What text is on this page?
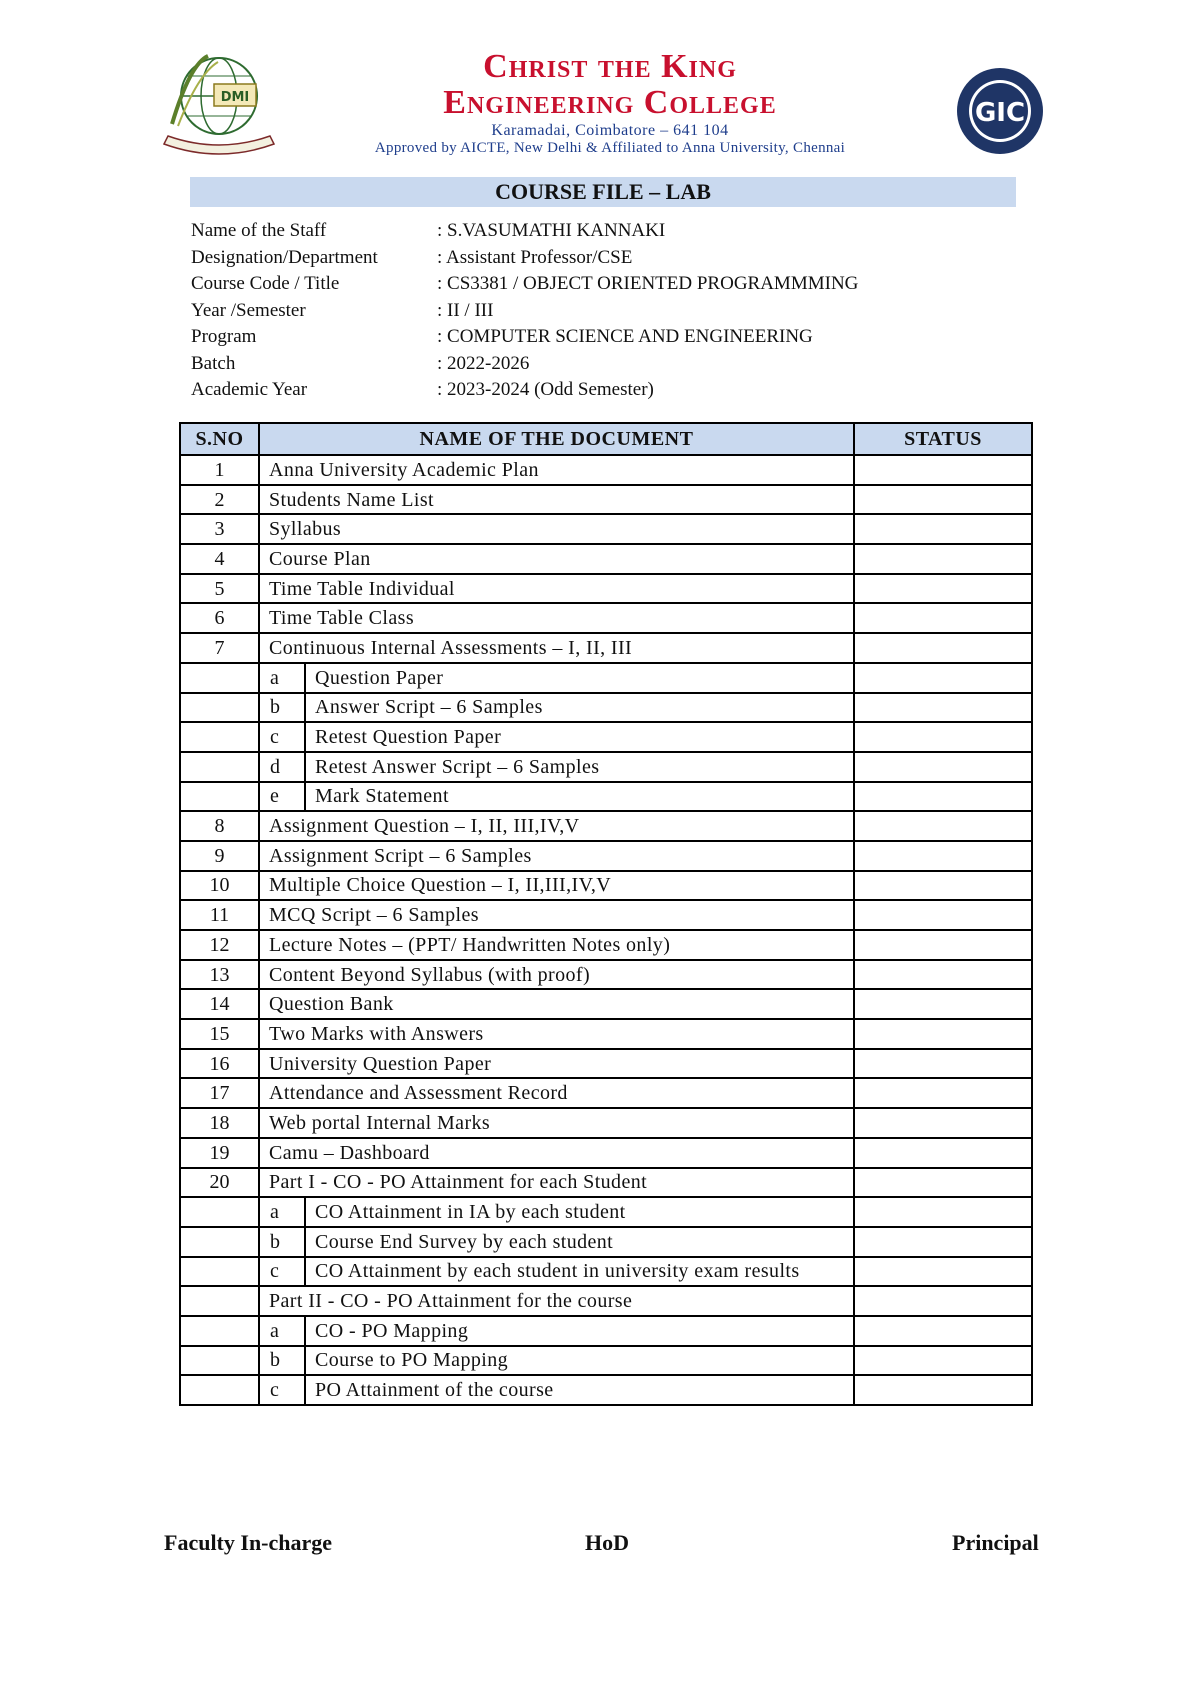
DMI
Christ the King
Engineering College
Karamadai, Coimbatore – 641 104
Approved by AICTE, New Delhi & Affiliated to Anna University, Chennai
GIC
COURSE FILE – LAB
Name of the Staff	: S.VASUMATHI KANNAKI
Designation/Department	: Assistant Professor/CSE
Course Code / Title	: CS3381 / OBJECT ORIENTED PROGRAMMMING
Year /Semester	: II / III
Program	: COMPUTER SCIENCE AND ENGINEERING
Batch	: 2022-2026
Academic Year	: 2023-2024 (Odd Semester)
S.NO	NAME OF THE DOCUMENT		STATUS
1	Anna University Academic Plan		
2	Students Name List		
3	Syllabus		
4	Course Plan		
5	Time Table Individual		
6	Time Table Class		
7	Continuous Internal Assessments – I, II, III		
	a	Question Paper	
	b	Answer Script – 6 Samples	
	c	Retest Question Paper	
	d	Retest Answer Script – 6 Samples	
	e	Mark Statement	
8	Assignment Question – I, II, III,IV,V		
9	Assignment Script – 6 Samples		
10	Multiple Choice Question – I, II,III,IV,V		
11	MCQ Script – 6 Samples		
12	Lecture Notes – (PPT/ Handwritten Notes only)		
13	Content Beyond Syllabus (with proof)		
14	Question Bank		
15	Two Marks with Answers		
16	University Question Paper		
17	Attendance and Assessment Record		
18	Web portal Internal Marks		
19	Camu – Dashboard		
20	Part I - CO - PO Attainment for each Student		
	a	CO Attainment in IA by each student	
	b	Course End Survey by each student	
	c	CO Attainment by each student in university exam results	
	Part II - CO - PO Attainment for the course		
	a	CO - PO Mapping	
	b	Course to PO Mapping	
	c	PO Attainment of the course	
Faculty In-charge	HoD	Principal
